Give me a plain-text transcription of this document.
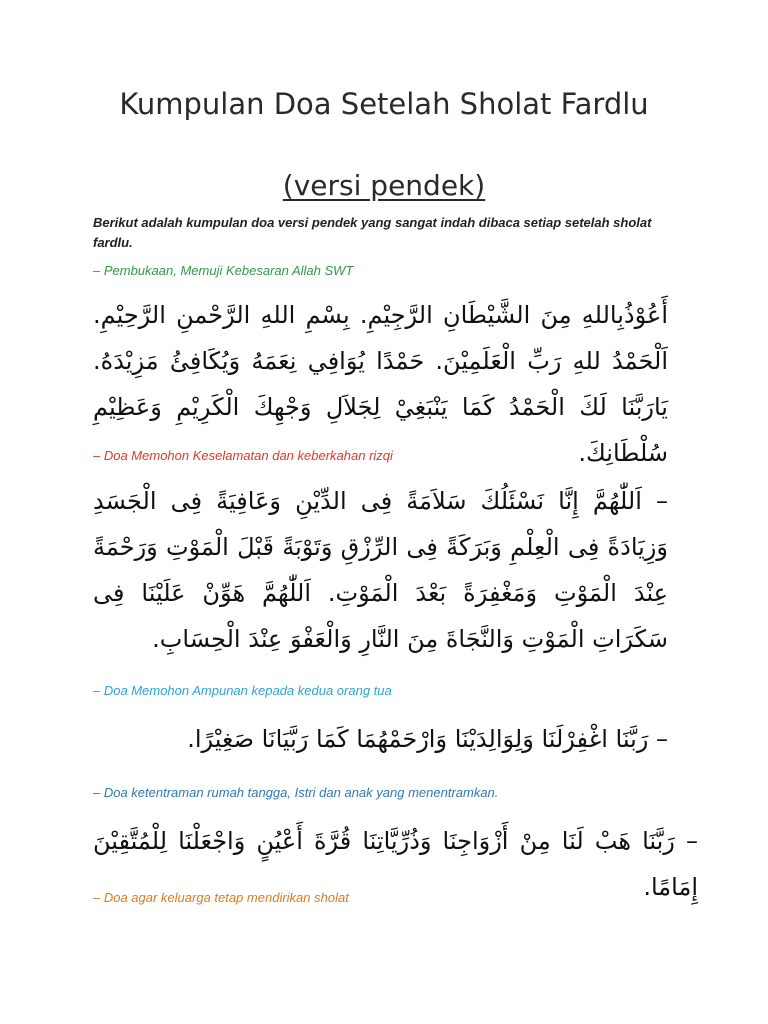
Kumpulan Doa Setelah Sholat Fardlu
(versi pendek)

Berikut adalah kumpulan doa versi pendek yang sangat indah dibaca setiap setelah sholat fardlu.

– Pembukaan, Memuji Kebesaran Allah SWT

أَعُوْذُبِاللهِ مِنَ الشَّيْطَانِ الرَّجِيْمِ. بِسْمِ اللهِ الرَّحْمنِ الرَّحِيْمِ. اَلْحَمْدُ للهِ رَبِّ الْعَلَمِيْنَ. حَمْدًا يُوَافِي نِعَمَهُ وَيُكَافِئُ مَزِيْدَهُ. يَارَبَّنَا لَكَ الْحَمْدُ كَمَا يَنْبَغِيْ لِجَلاَلِ وَجْهِكَ الْكَرِيْمِ وَعَظِيْمِ سُلْطَانِكَ.

– Doa Memohon Keselamatan dan keberkahan rizqi

– اَللّٰهُمَّ إِنَّا نَسْئَلُكَ سَلاَمَةً فِى الدِّيْنِ وَعَافِيَةً فِى الْجَسَدِ وَزِيَادَةً فِى الْعِلْمِ وَبَرَكَةً فِى الرِّزْقِ وَتَوْبَةً قَبْلَ الْمَوْتِ وَرَحْمَةً عِنْدَ الْمَوْتِ وَمَغْفِرَةً بَعْدَ الْمَوْتِ. اَللّٰهُمَّ هَوِّنْ عَلَيْنَا فِى سَكَرَاتِ الْمَوْتِ وَالنَّجَاةَ مِنَ النَّارِ وَالْعَفْوَ عِنْدَ الْحِسَابِ.

– Doa Memohon Ampunan kepada kedua orang tua

– رَبَّنَا اغْفِرْلَنَا وَلِوَالِدَيْنَا وَارْحَمْهُمَا كَمَا رَبَّيَانَا صَغِيْرًا.

– Doa ketentraman rumah tangga, Istri dan anak yang menentramkan.

– رَبَّنَا هَبْ لَنَا مِنْ أَزْوَاجِنَا وَذُرِّيَّاتِنَا قُرَّةَ أَعْيُنٍ وَاجْعَلْنَا لِلْمُتَّقِيْنَ إِمَامًا.

– Doa agar keluarga tetap mendirikan sholat
